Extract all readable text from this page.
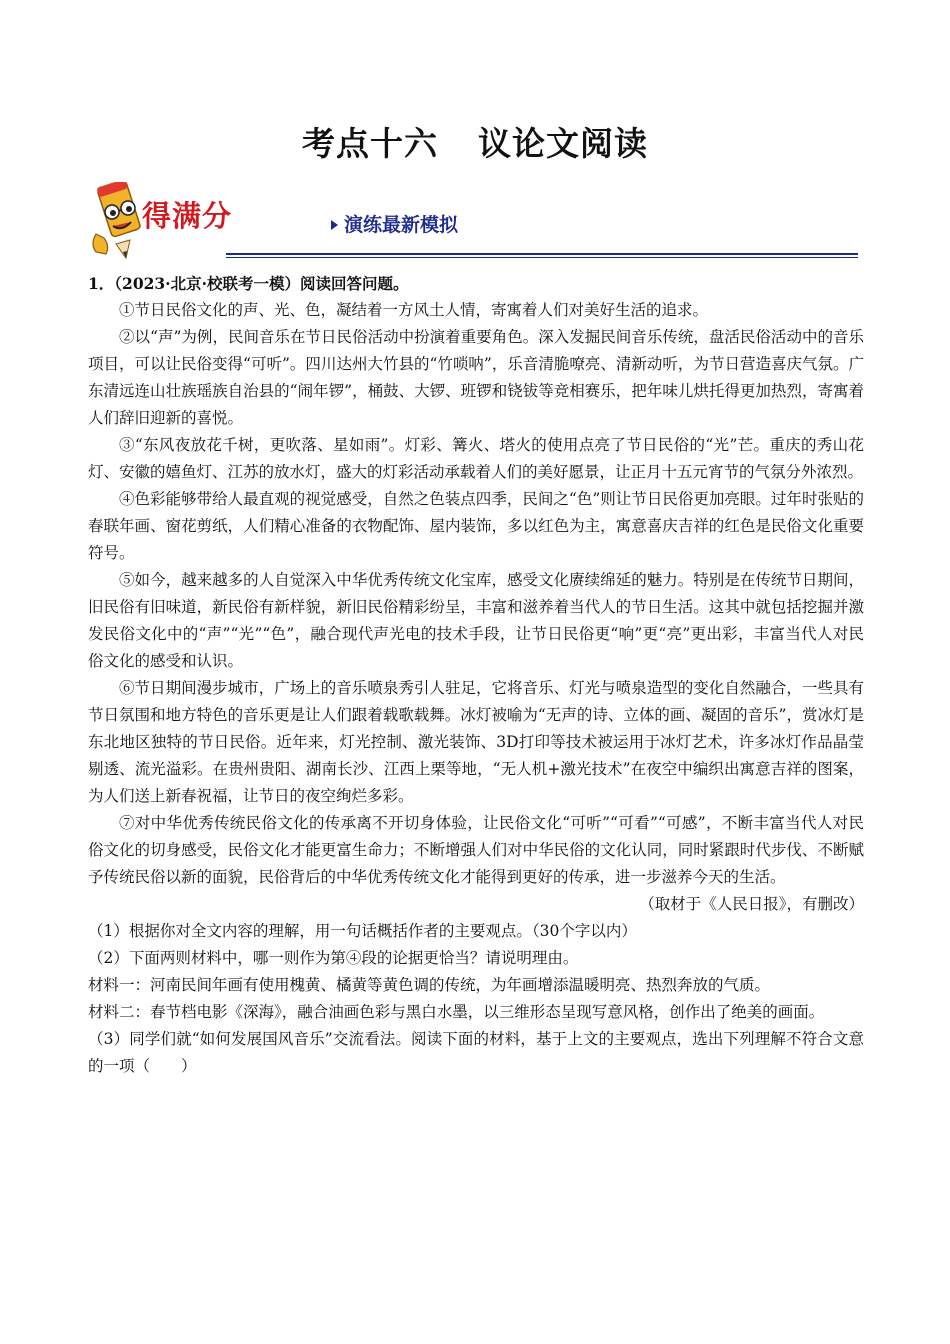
考点十六 议论文阅读
得满分	演练最新模拟

1．（2023·北京·校联考一模）阅读回答问题。

①节日民俗文化的声、光、色，凝结着一方风土人情，寄寓着人们对美好生活的追求。

②以“声”为例，民间音乐在节日民俗活动中扮演着重要角色。深入发掘民间音乐传统，盘活民俗活动中的音乐项目，可以让民俗变得“可听”。四川达州大竹县的“竹唢呐”，乐音清脆嘹亮、清新动听，为节日营造喜庆气氛。广东清远连山壮族瑶族自治县的“闹年锣”，桶鼓、大锣、班锣和铙钹等竞相赛乐，把年味儿烘托得更加热烈，寄寓着人们辞旧迎新的喜悦。

③“东风夜放花千树，更吹落、星如雨”。灯彩、篝火、塔火的使用点亮了节日民俗的“光”芒。重庆的秀山花灯、安徽的嬉鱼灯、江苏的放水灯，盛大的灯彩活动承载着人们的美好愿景，让正月十五元宵节的气氛分外浓烈。

④色彩能够带给人最直观的视觉感受，自然之色装点四季，民间之“色”则让节日民俗更加亮眼。过年时张贴的春联年画、窗花剪纸，人们精心准备的衣物配饰、屋内装饰，多以红色为主，寓意喜庆吉祥的红色是民俗文化重要符号。

⑤如今，越来越多的人自觉深入中华优秀传统文化宝库，感受文化赓续绵延的魅力。特别是在传统节日期间，旧民俗有旧味道，新民俗有新样貌，新旧民俗精彩纷呈，丰富和滋养着当代人的节日生活。这其中就包括挖掘并激发民俗文化中的“声”“光”“色”，融合现代声光电的技术手段，让节日民俗更“响”更“亮”更出彩，丰富当代人对民俗文化的感受和认识。

⑥节日期间漫步城市，广场上的音乐喷泉秀引人驻足，它将音乐、灯光与喷泉造型的变化自然融合，一些具有节日氛围和地方特色的音乐更是让人们跟着载歌载舞。冰灯被喻为“无声的诗、立体的画、凝固的音乐”，赏冰灯是东北地区独特的节日民俗。近年来，灯光控制、激光装饰、3D打印等技术被运用于冰灯艺术，许多冰灯作品晶莹剔透、流光溢彩。在贵州贵阳、湖南长沙、江西上栗等地，“无人机+激光技术”在夜空中编织出寓意吉祥的图案，为人们送上新春祝福，让节日的夜空绚烂多彩。

⑦对中华优秀传统民俗文化的传承离不开切身体验，让民俗文化“可听”“可看”“可感”，不断丰富当代人对民俗文化的切身感受，民俗文化才能更富生命力；不断增强人们对中华民俗的文化认同，同时紧跟时代步伐、不断赋予传统民俗以新的面貌，民俗背后的中华优秀传统文化才能得到更好的传承，进一步滋养今天的生活。

（取材于《人民日报》，有删改）

（1）根据你对全文内容的理解，用一句话概括作者的主要观点。（30个字以内）

（2）下面两则材料中，哪一则作为第④段的论据更恰当？请说明理由。

材料一：河南民间年画有使用槐黄、橘黄等黄色调的传统，为年画增添温暖明亮、热烈奔放的气质。

材料二：春节档电影《深海》，融合油画色彩与黑白水墨，以三维形态呈现写意风格，创作出了绝美的画面。

（3）同学们就“如何发展国风音乐”交流看法。阅读下面的材料，基于上文的主要观点，选出下列理解不符合文意的一项（　　）
